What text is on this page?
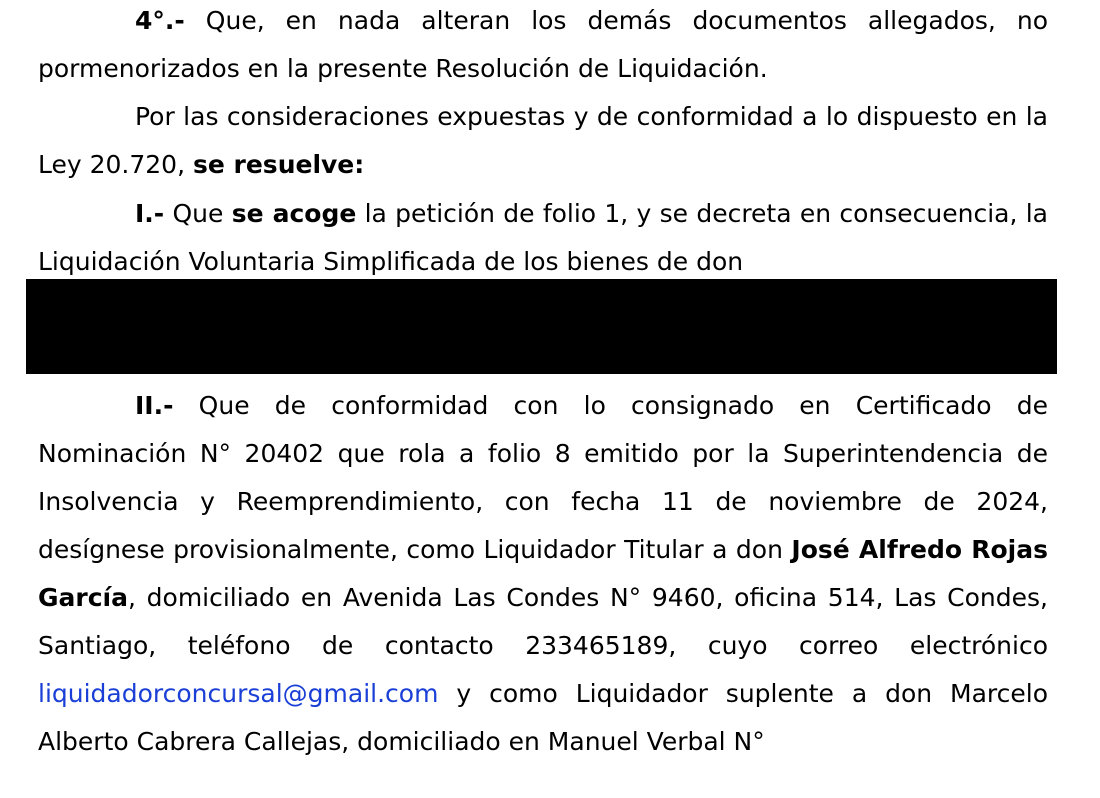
4°.- Que, en nada alteran los demás documentos allegados, no pormenorizados en la presente Resolución de Liquidación.

Por las consideraciones expuestas y de conformidad a lo dispuesto en la Ley 20.720, se resuelve:

I.- Que se acoge la petición de folio 1, y se decreta en consecuencia, la Liquidación Voluntaria Simplificada de los bienes de don

II.- Que de conformidad con lo consignado en Certificado de Nominación N° 20402 que rola a folio 8 emitido por la Superintendencia de Insolvencia y Reemprendimiento, con fecha 11 de noviembre de 2024, desígnese provisionalmente, como Liquidador Titular a don José Alfredo Rojas García, domiciliado en Avenida Las Condes N° 9460, oficina 514, Las Condes, Santiago, teléfono de contacto 233465189, cuyo correo electrónico liquidadorconcursal@gmail.com y como Liquidador suplente a don Marcelo Alberto Cabrera Callejas, domiciliado en Manuel Verbal N°
